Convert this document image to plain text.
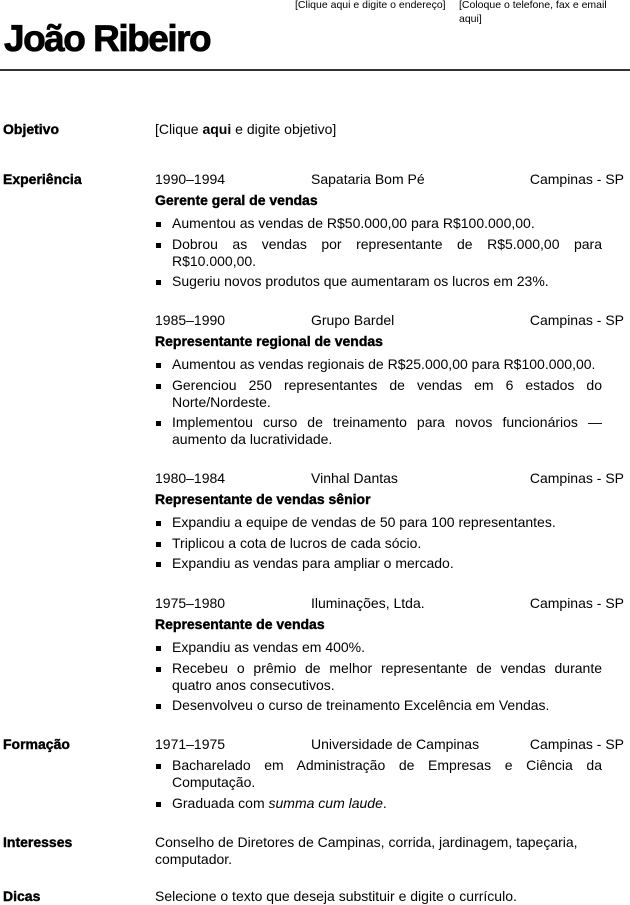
[Clique aqui e digite o endereço] [Coloque o telefone, fax e email aqui]
João Ribeiro
Objetivo	[Clique aqui e digite objetivo]
Experiência	1990–1994	Sapataria Bom Pé	Campinas - SP
Gerente geral de vendas
Aumentou as vendas de R$50.000,00 para R$100.000,00.
Dobrou as vendas por representante de R$5.000,00 para R$10.000,00.
Sugeriu novos produtos que aumentaram os lucros em 23%.
1985–1990	Grupo Bardel	Campinas - SP
Representante regional de vendas
Aumentou as vendas regionais de R$25.000,00 para R$100.000,00.
Gerenciou 250 representantes de vendas em 6 estados do Norte/Nordeste.
Implementou curso de treinamento para novos funcionários — aumento da lucratividade.
1980–1984	Vinhal Dantas	Campinas - SP
Representante de vendas sênior
Expandiu a equipe de vendas de 50 para 100 representantes.
Triplicou a cota de lucros de cada sócio.
Expandiu as vendas para ampliar o mercado.
1975–1980	Iluminações, Ltda.	Campinas - SP
Representante de vendas
Expandiu as vendas em 400%.
Recebeu o prêmio de melhor representante de vendas durante quatro anos consecutivos.
Desenvolveu o curso de treinamento Excelência em Vendas.
Formação	1971–1975	Universidade de Campinas	Campinas - SP
Bacharelado em Administração de Empresas e Ciência da Computação.
Graduada com summa cum laude.
Interesses	Conselho de Diretores de Campinas, corrida, jardinagem, tapeçaria, computador.
Dicas	Selecione o texto que deseja substituir e digite o currículo.
